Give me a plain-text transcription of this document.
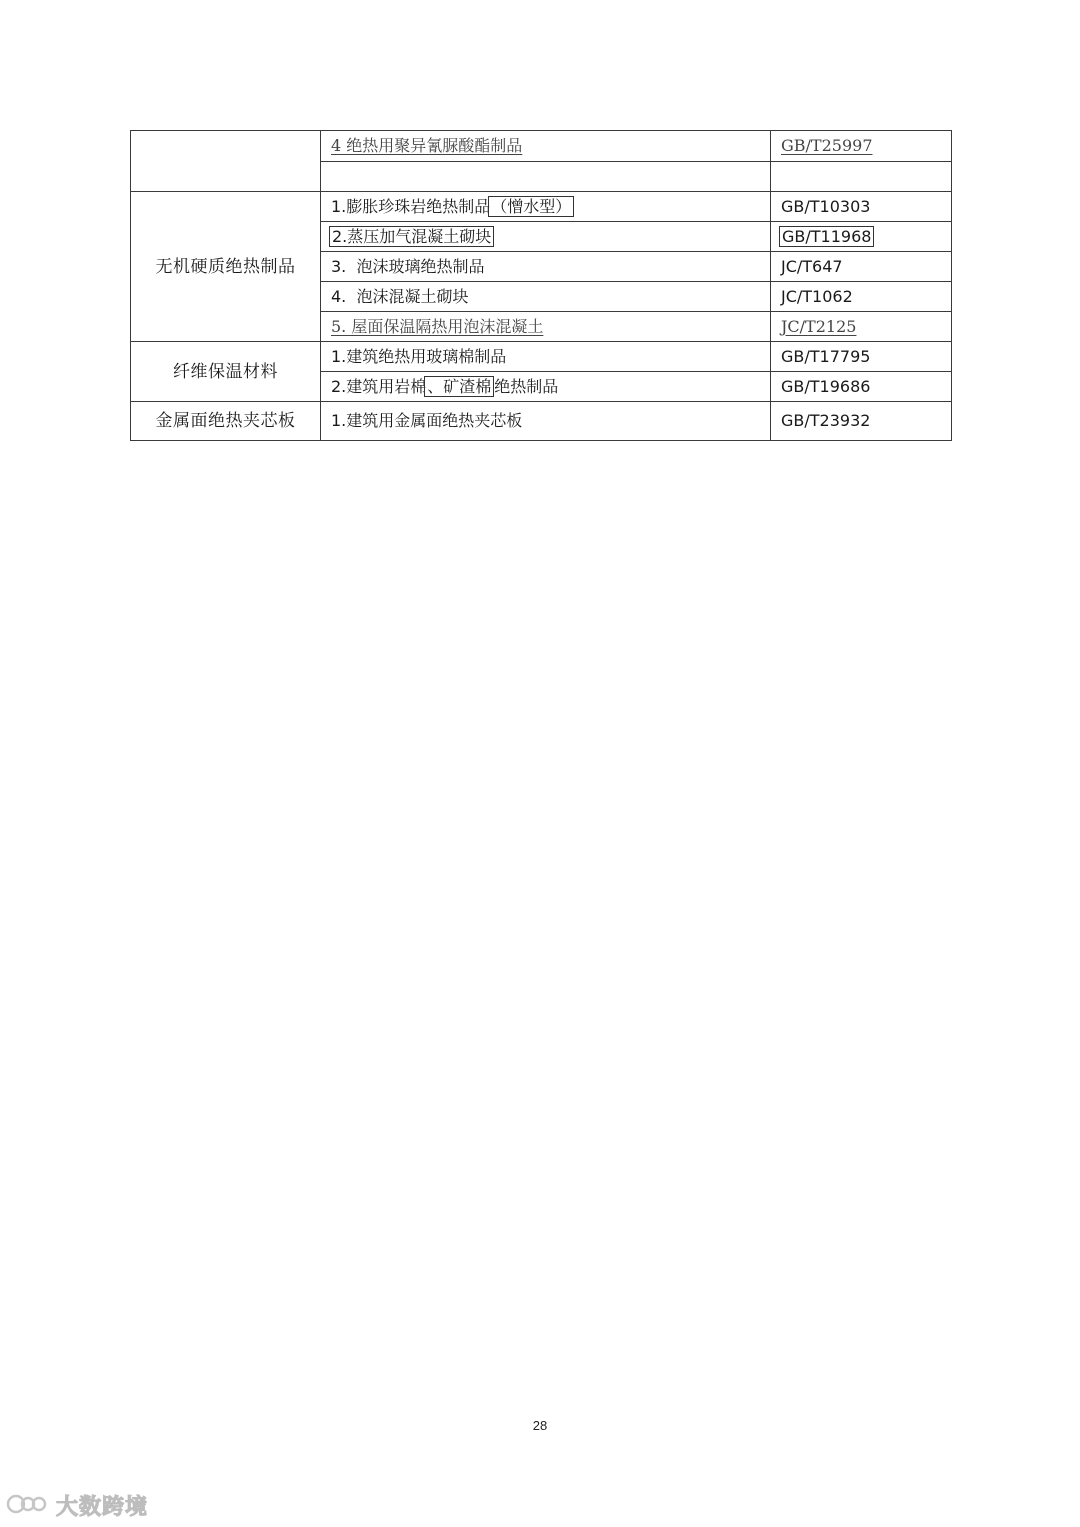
	4 绝热用聚异氰脲酸酯制品	GB/T25997

无机硬质绝热制品	1.膨胀珍珠岩绝热制品（憎水型）	GB/T10303
	2.蒸压加气混凝土砌块	GB/T11968
	3.  泡沫玻璃绝热制品	JC/T647
	4.  泡沫混凝土砌块	JC/T1062
	5. 屋面保温隔热用泡沫混凝土	JC/T2125
纤维保温材料	1.建筑绝热用玻璃棉制品	GB/T17795
	2.建筑用岩棉、矿渣棉 绝热制品	GB/T19686
金属面绝热夹芯板	1.建筑用金属面绝热夹芯板	GB/T23932
28
大数跨境
